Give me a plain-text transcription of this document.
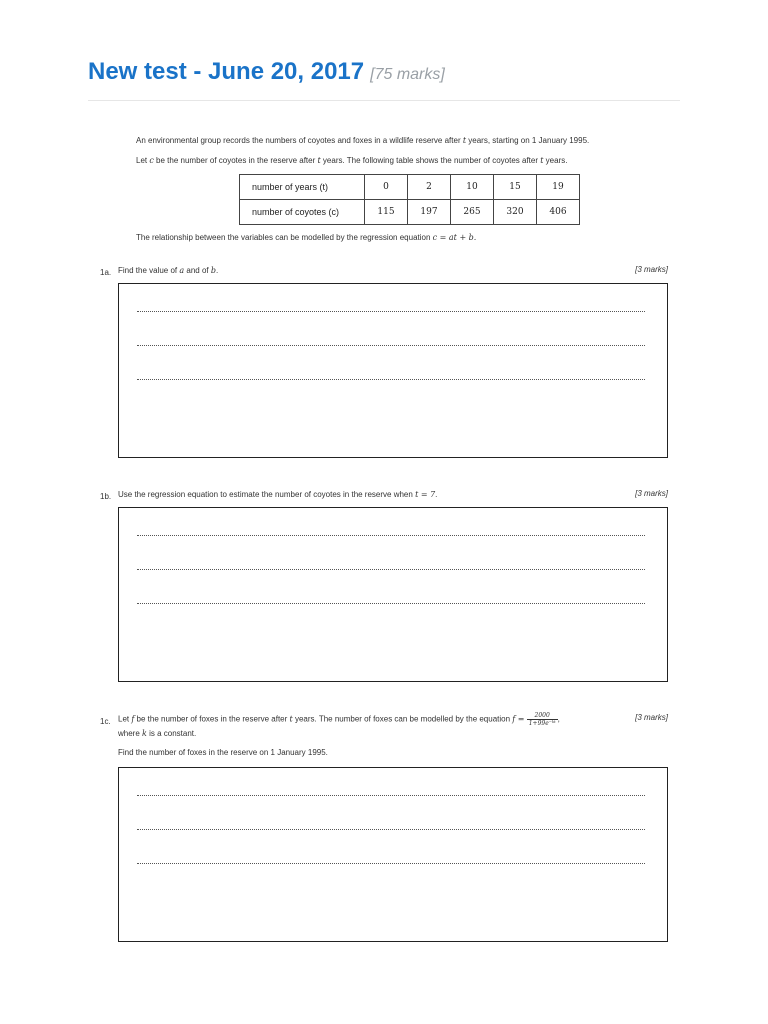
New test - June 20, 2017 [75 marks]

An environmental group records the numbers of coyotes and foxes in a wildlife reserve after t years, starting on 1 January 1995.

Let c be the number of coyotes in the reserve after t years. The following table shows the number of coyotes after t years.

number of years (t)	0	2	10	15	19
number of coyotes (c)	115	197	265	320	406
The relationship between the variables can be modelled by the regression equation c = at + b.
1a. Find the value of a and of b.	[3 marks]
1b. Use the regression equation to estimate the number of coyotes in the reserve when t = 7.	[3 marks]
1c. Let f be the number of foxes in the reserve after t years. The number of foxes can be modelled by the equation $f = \frac{2000}{\text{1+99e⁻ᵏᵗ}}$ ,
where k is a constant.
Find the number of foxes in the reserve on 1 January 1995.
[3 marks]
